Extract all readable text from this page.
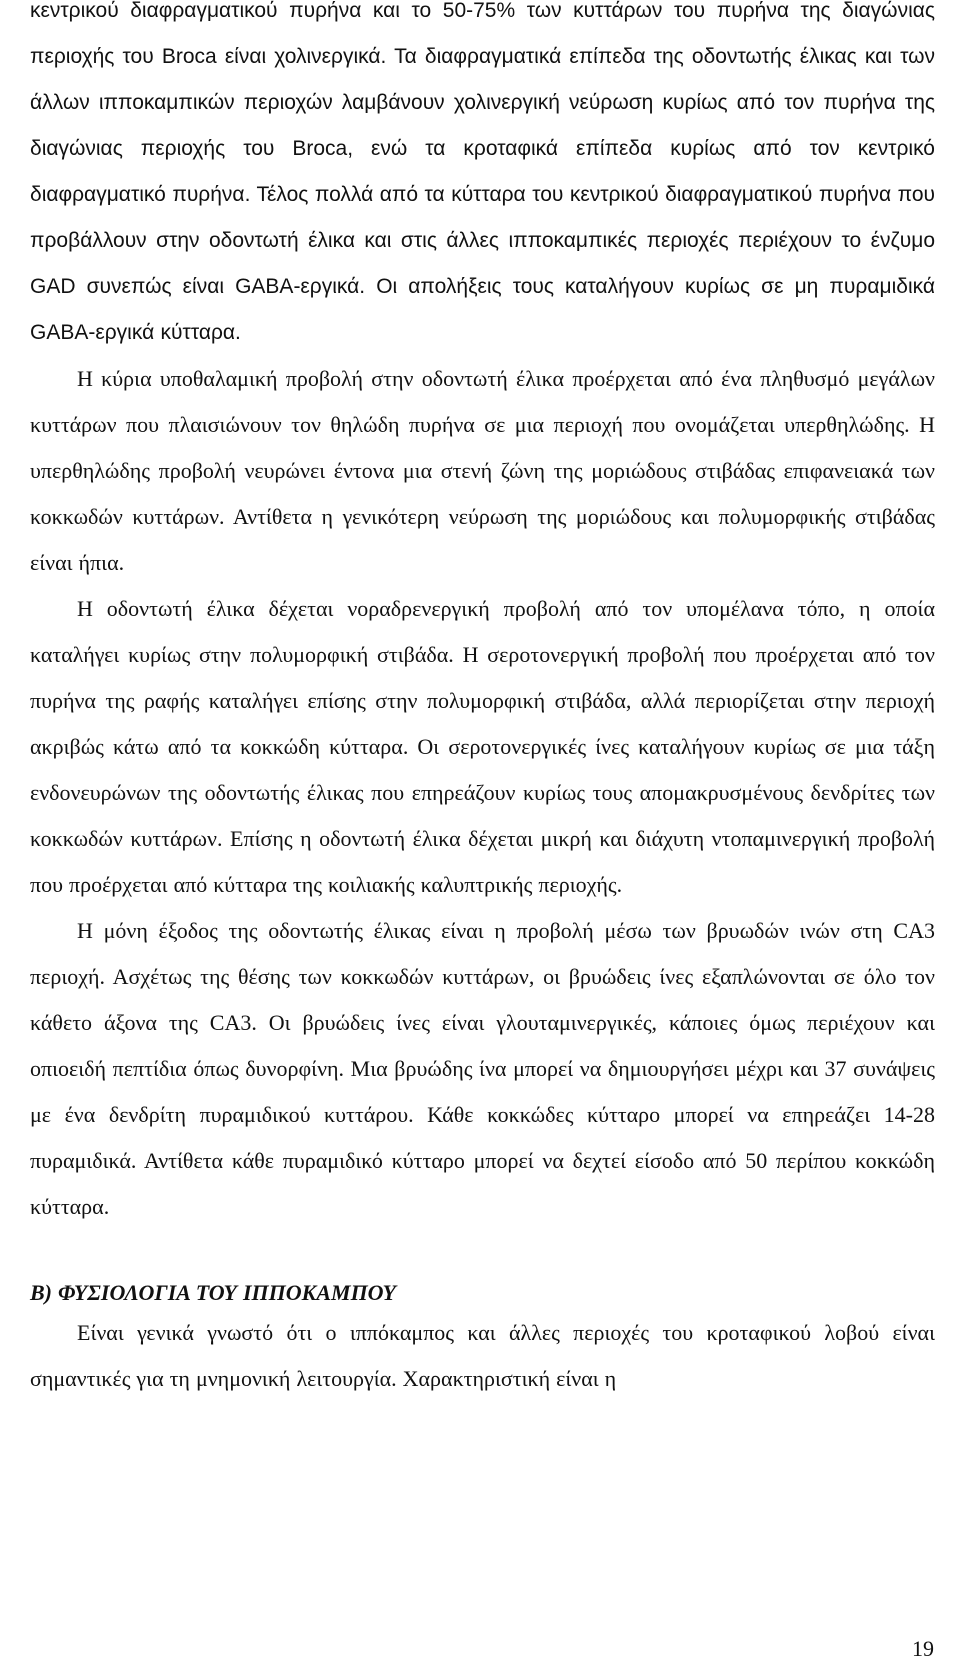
κεντρικού διαφραγματικού πυρήνα και το 50-75% των κυττάρων του πυρήνα της διαγώνιας περιοχής του Broca είναι χολινεργικά. Τα διαφραγματικά επίπεδα της οδοντωτής έλικας και των άλλων ιπποκαμπικών περιοχών λαμβάνουν χολινεργική νεύρωση κυρίως από τον πυρήνα της διαγώνιας περιοχής του Broca, ενώ τα κροταφικά επίπεδα κυρίως από τον κεντρικό διαφραγματικό πυρήνα. Τέλος πολλά από τα κύτταρα του κεντρικού διαφραγματικού πυρήνα που προβάλλουν στην οδοντωτή έλικα και στις άλλες ιπποκαμπικές περιοχές περιέχουν το ένζυμο GAD συνεπώς είναι GABA-εργικά. Οι απολήξεις τους καταλήγουν κυρίως σε μη πυραμιδικά GABA-εργικά κύτταρα.

Η κύρια υποθαλαμική προβολή στην οδοντωτή έλικα προέρχεται από ένα πληθυσμό μεγάλων κυττάρων που πλαισιώνουν τον θηλώδη πυρήνα σε μια περιοχή που ονομάζεται υπερθηλώδης. Η υπερθηλώδης προβολή νευρώνει έντονα μια στενή ζώνη της μοριώδους στιβάδας επιφανειακά των κοκκωδών κυττάρων. Αντίθετα η γενικότερη νεύρωση της μοριώδους και πολυμορφικής στιβάδας είναι ήπια.

Η οδοντωτή έλικα δέχεται νοραδρενεργική προβολή από τον υπομέλανα τόπο, η οποία καταλήγει κυρίως στην πολυμορφική στιβάδα. Η σεροτονεργική προβολή που προέρχεται από τον πυρήνα της ραφής καταλήγει επίσης στην πολυμορφική στιβάδα, αλλά περιορίζεται στην περιοχή ακριβώς κάτω από τα κοκκώδη κύτταρα. Οι σεροτονεργικές ίνες καταλήγουν κυρίως σε μια τάξη ενδονευρώνων της οδοντωτής έλικας που επηρεάζουν κυρίως τους απομακρυσμένους δενδρίτες των κοκκωδών κυττάρων. Επίσης η οδοντωτή έλικα δέχεται μικρή και διάχυτη ντοπαμινεργική προβολή που προέρχεται από κύτταρα της κοιλιακής καλυπτρικής περιοχής.

Η μόνη έξοδος της οδοντωτής έλικας είναι η προβολή μέσω των βρυωδών ινών στη CA3 περιοχή. Ασχέτως της θέσης των κοκκωδών κυττάρων, οι βρυώδεις ίνες εξαπλώνονται σε όλο τον κάθετο άξονα της CA3. Οι βρυώδεις ίνες είναι γλουταμινεργικές, κάποιες όμως περιέχουν και οπιοειδή πεπτίδια όπως δυνορφίνη. Μια βρυώδης ίνα μπορεί να δημιουργήσει μέχρι και 37 συνάψεις με ένα δενδρίτη πυραμιδικού κυττάρου. Κάθε κοκκώδες κύτταρο μπορεί να επηρεάζει 14-28 πυραμιδικά. Αντίθετα κάθε πυραμιδικό κύτταρο μπορεί να δεχτεί είσοδο από 50 περίπου κοκκώδη κύτταρα.

Β) ΦΥΣΙΟΛΟΓΙΑ ΤΟΥ ΙΠΠΟΚΑΜΠΟΥ

Είναι γενικά γνωστό ότι ο ιππόκαμπος και άλλες περιοχές του κροταφικού λοβού είναι σημαντικές για τη μνημονική λειτουργία. Χαρακτηριστική είναι η

19
